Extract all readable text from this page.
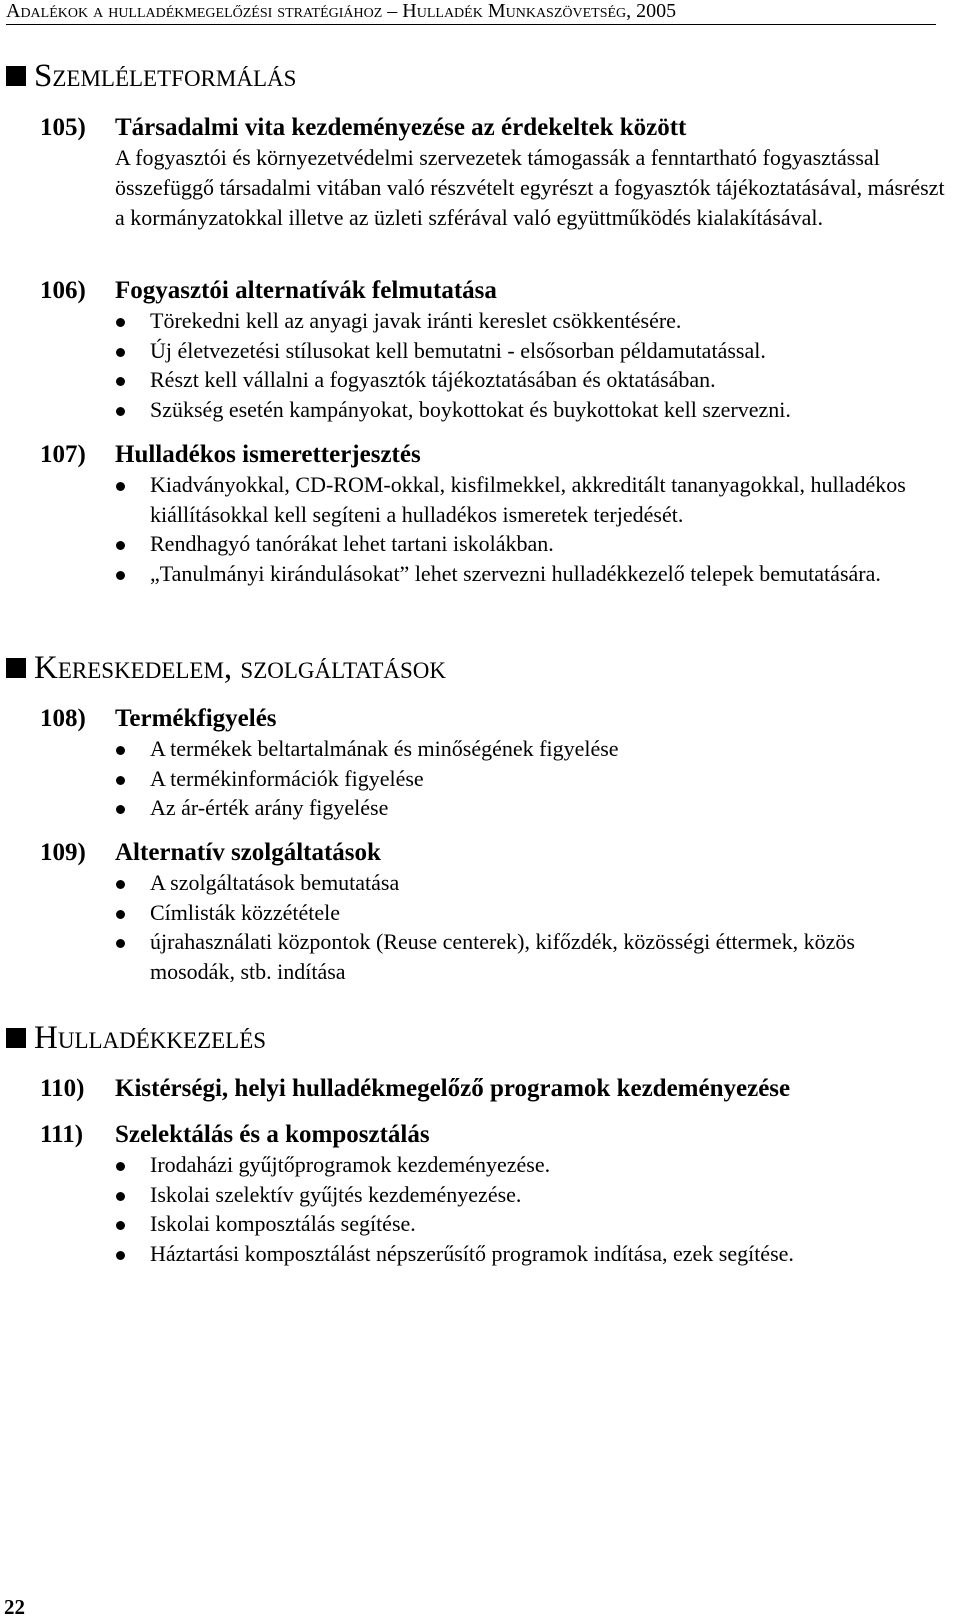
Adalékok a hulladékmegelőzési stratégiához – Hulladék Munkaszövetség, 2005
Szemléletformálás
105) Társadalmi vita kezdeményezése az érdekeltek között

A fogyasztói és környezetvédelmi szervezetek támogassák a fenntartható fogyasztással összefüggő társadalmi vitában való részvételt egyrészt a fogyasztók tájékoztatásával, másrészt a kormányzatokkal illetve az üzleti szférával való együttműködés kialakításával.

106) Fogyasztói alternatívák felmutatása
Törekedni kell az anyagi javak iránti kereslet csökkentésére.
Új életvezetési stílusokat kell bemutatni - elsősorban példamutatással.
Részt kell vállalni a fogyasztók tájékoztatásában és oktatásában.
Szükség esetén kampányokat, boykottokat és buykottokat kell szervezni.
107) Hulladékos ismeretterjesztés
Kiadványokkal, CD-ROM-okkal, kisfilmekkel, akkreditált tananyagokkal, hulladékos kiállításokkal kell segíteni a hulladékos ismeretek terjedését.
Rendhagyó tanórákat lehet tartani iskolákban.
„Tanulmányi kirándulásokat” lehet szervezni hulladékkezelő telepek bemutatására.
Kereskedelem, szolgáltatások
108) Termékfigyelés
A termékek beltartalmának és minőségének figyelése
A termékinformációk figyelése
Az ár-érték arány figyelése
109) Alternatív szolgáltatások
A szolgáltatások bemutatása
Címlisták közzététele
újrahasználati központok (Reuse centerek), kifőzdék, közösségi éttermek, közös mosodák, stb. indítása
Hulladékkezelés
110) Kistérségi, helyi hulladékmegelőző programok kezdeményezése
111) Szelektálás és a komposztálás
Irodaházi gyűjtőprogramok kezdeményezése.
Iskolai szelektív gyűjtés kezdeményezése.
Iskolai komposztálás segítése.
Háztartási komposztálást népszerűsítő programok indítása, ezek segítése.
22
